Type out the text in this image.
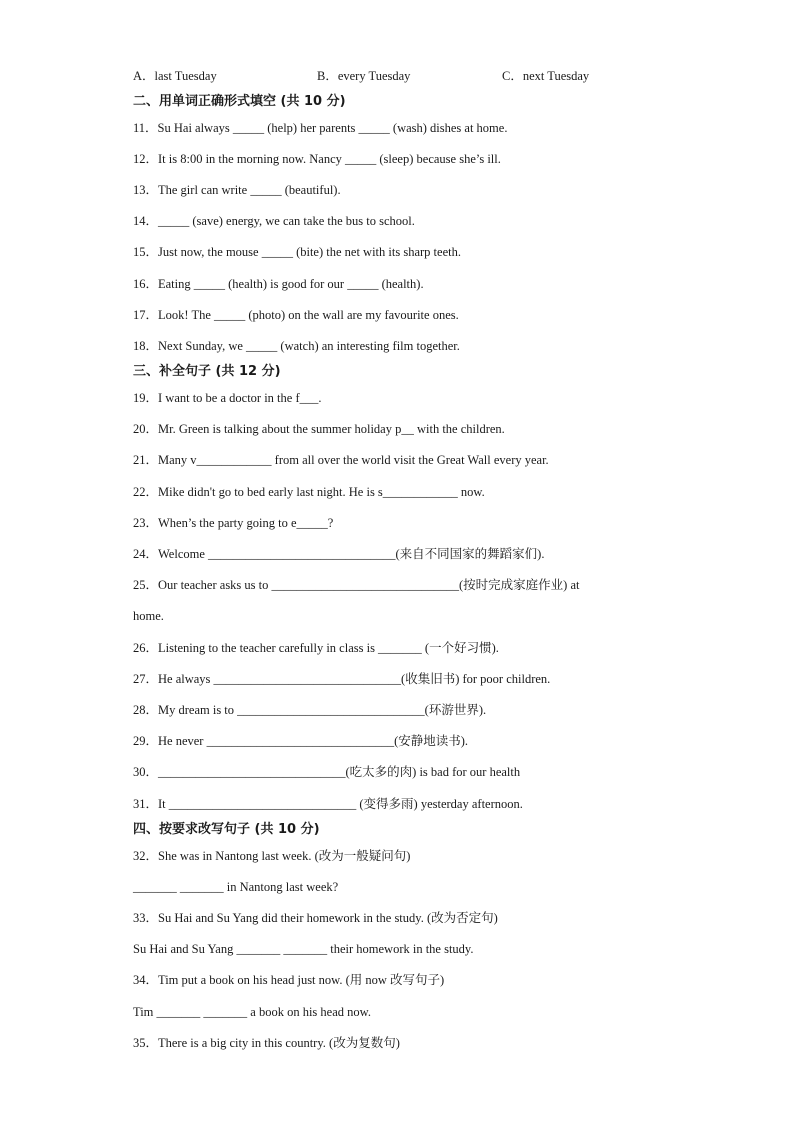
A．last Tuesday	B．every Tuesday	C．next Tuesday
二、用单词正确形式填空 (共 10 分)
11．Su Hai always _____ (help) her parents _____ (wash) dishes at home.
12．It is 8:00 in the morning now. Nancy _____ (sleep) because she’s ill.
13．The girl can write _____ (beautiful).
14．_____ (save) energy, we can take the bus to school.
15．Just now, the mouse _____ (bite) the net with its sharp teeth.
16．Eating _____ (health) is good for our _____ (health).
17．Look! The _____ (photo) on the wall are my favourite ones.
18．Next Sunday, we _____ (watch) an interesting film together.
三、补全句子 (共 12 分)
19．I want to be a doctor in the f___.
20．Mr. Green is talking about the summer holiday p__ with the children.
21．Many v____________ from all over the world visit the Great Wall every year.
22．Mike didn't go to bed early last night. He is s____________ now.
23．When’s the party going to e_____?
24．Welcome ______________________________(来自不同国家的舞蹈家们).
25．Our teacher asks us to ______________________________(按时完成家庭作业) at
home.
26．Listening to the teacher carefully in class is _______ (一个好习惯).
27．He always ______________________________(收集旧书) for poor children.
28．My dream is to ______________________________(环游世界).
29．He never ______________________________(安静地读书).
30．______________________________(吃太多的肉) is bad for our health
31．It ______________________________ (变得多雨) yesterday afternoon.
四、按要求改写句子 (共 10 分)
32．She was in Nantong last week. (改为一般疑问句)
_______ _______ in Nantong last week?
33．Su Hai and Su Yang did their homework in the study. (改为否定句)
Su Hai and Su Yang _______ _______ their homework in the study.
34．Tim put a book on his head just now. (用 now 改写句子)
Tim _______ _______ a book on his head now.
35．There is a big city in this country. (改为复数句)
